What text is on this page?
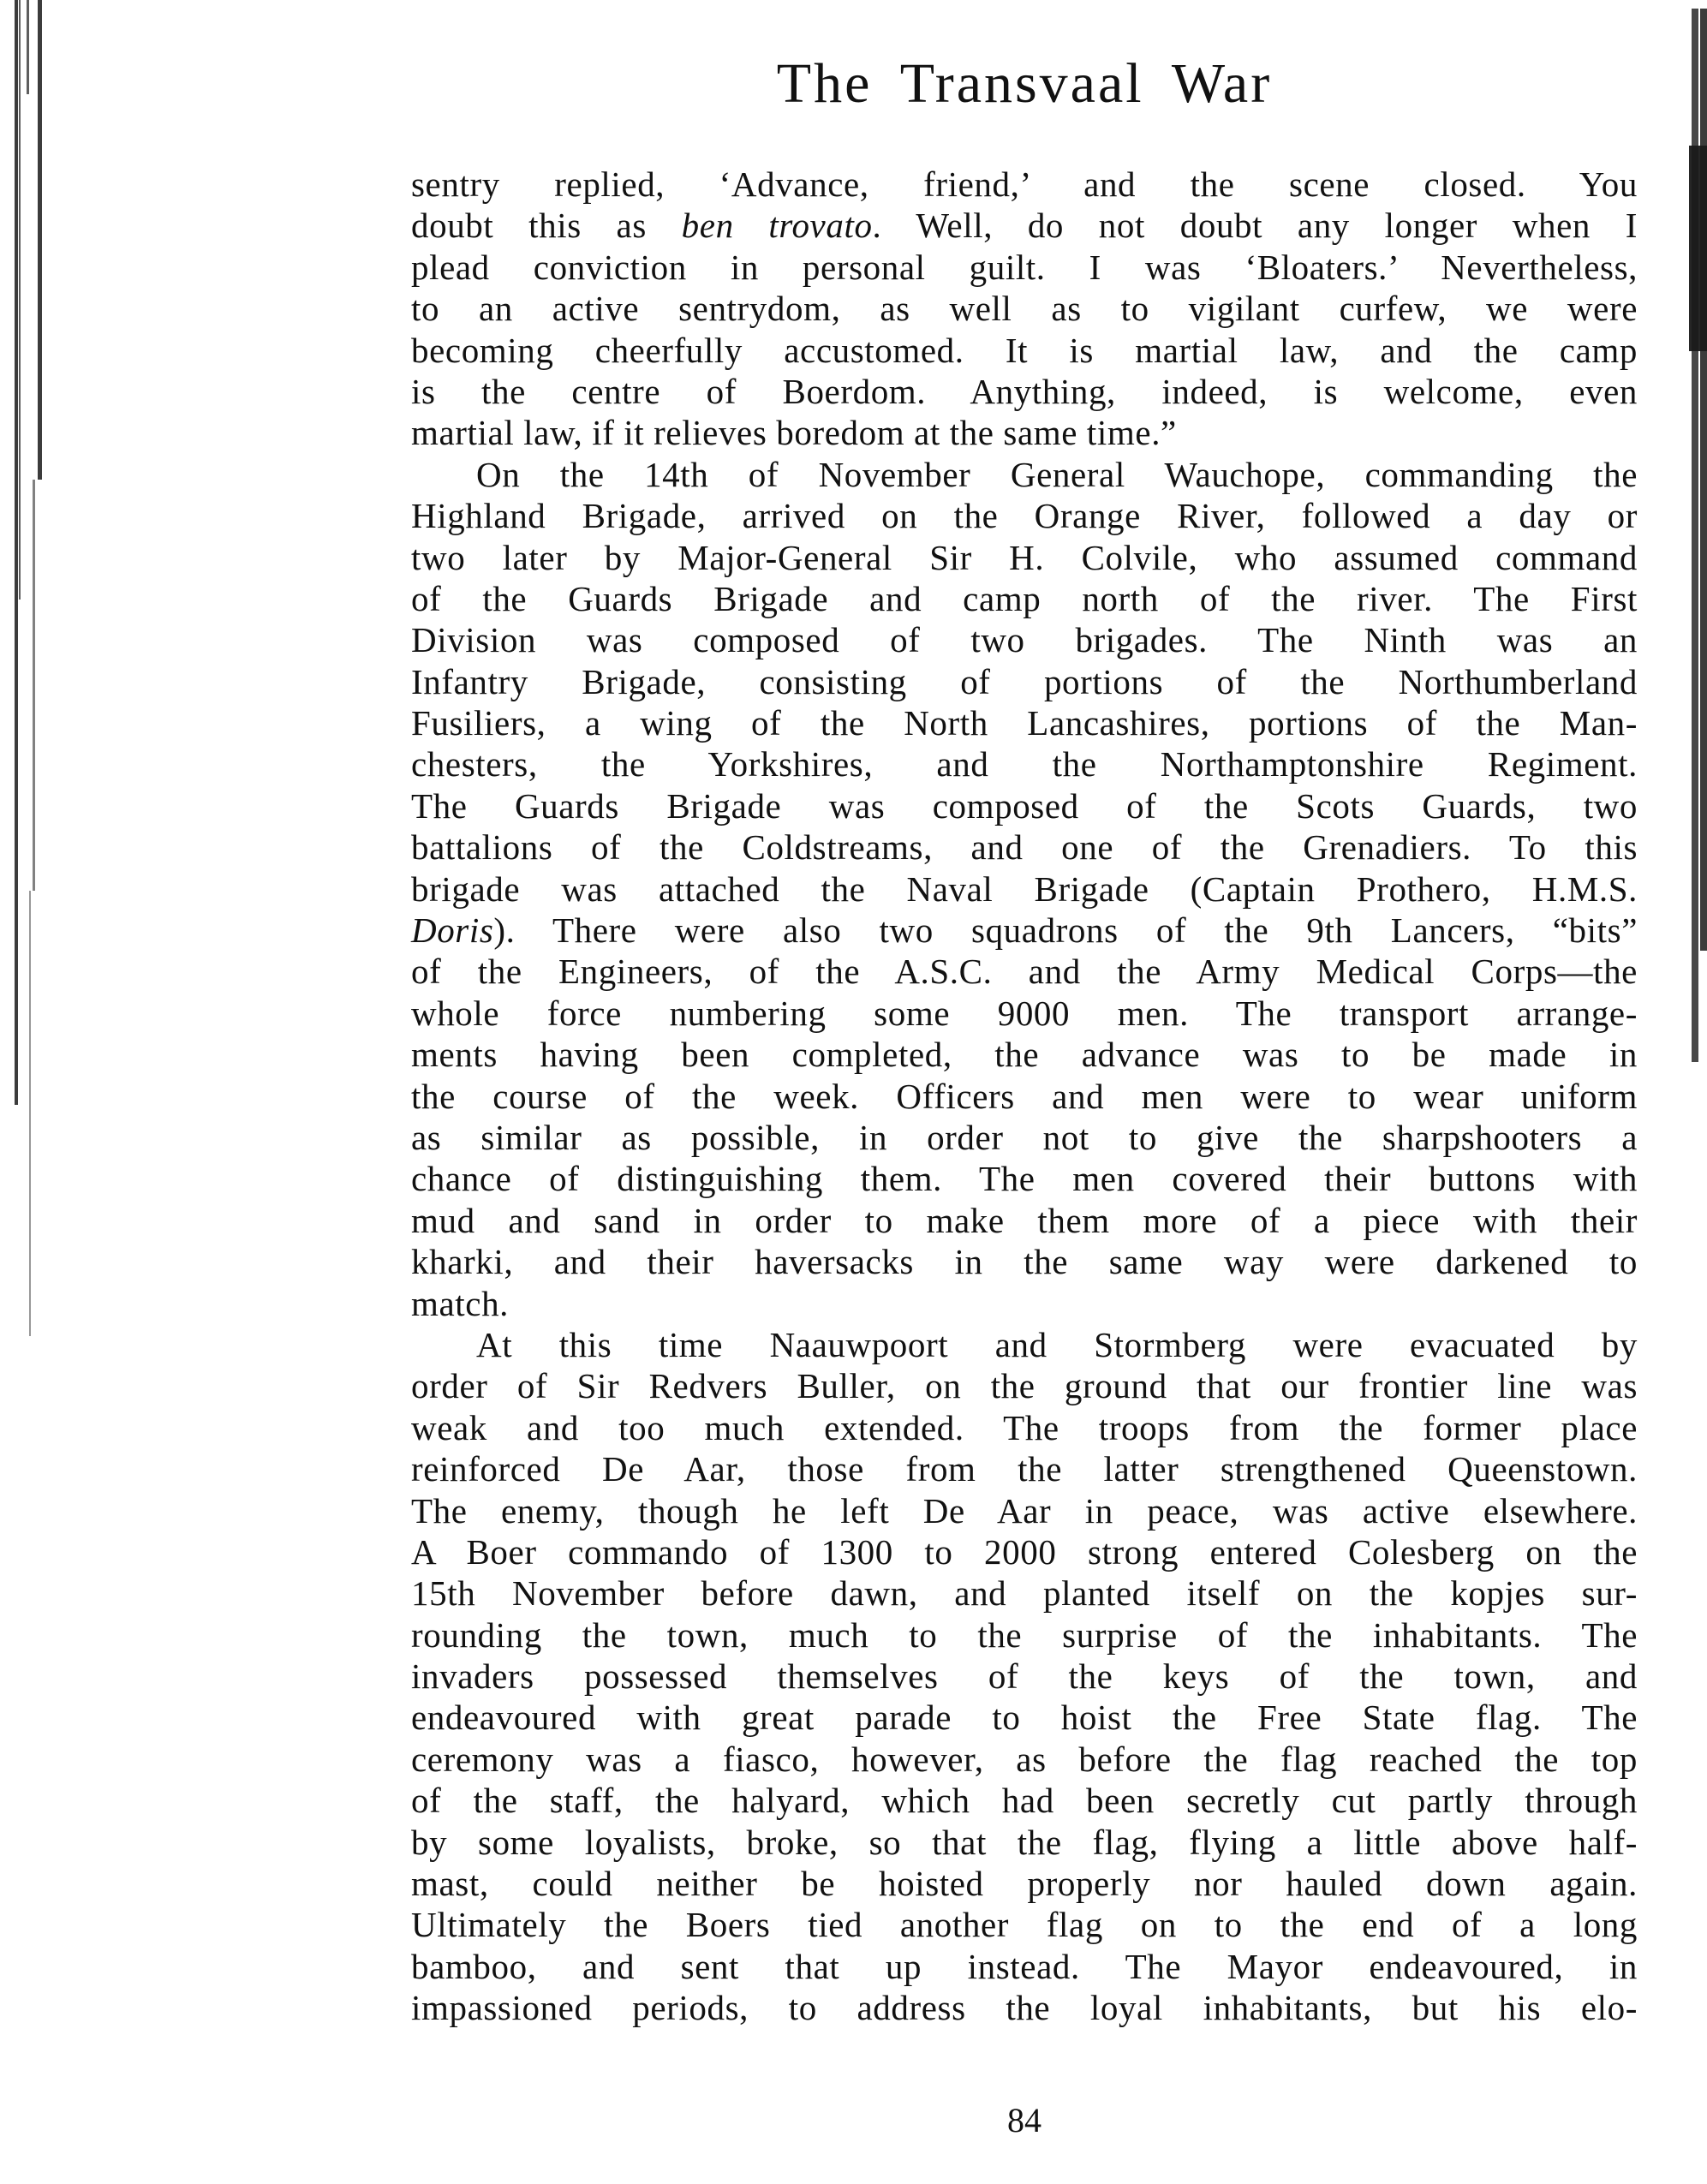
The Transvaal War
sentry replied, ‘Advance, friend,’ and the scene closed. You
doubt this as ben trovato. Well, do not doubt any longer when I
plead conviction in personal guilt. I was ‘Bloaters.’ Nevertheless,
to an active sentrydom, as well as to vigilant curfew, we were
becoming cheerfully accustomed. It is martial law, and the camp
is the centre of Boerdom. Anything, indeed, is welcome, even
martial law, if it relieves boredom at the same time.”
On the 14th of November General Wauchope, commanding the
Highland Brigade, arrived on the Orange River, followed a day or
two later by Major-General Sir H. Colvile, who assumed command
of the Guards Brigade and camp north of the river. The First
Division was composed of two brigades. The Ninth was an
Infantry Brigade, consisting of portions of the Northumberland
Fusiliers, a wing of the North Lancashires, portions of the Man-
chesters, the Yorkshires, and the Northamptonshire Regiment.
The Guards Brigade was composed of the Scots Guards, two
battalions of the Coldstreams, and one of the Grenadiers. To this
brigade was attached the Naval Brigade (Captain Prothero, H.M.S.
Doris). There were also two squadrons of the 9th Lancers, “bits”
of the Engineers, of the A.S.C. and the Army Medical Corps—the
whole force numbering some 9000 men. The transport arrange-
ments having been completed, the advance was to be made in
the course of the week. Officers and men were to wear uniform
as similar as possible, in order not to give the sharpshooters a
chance of distinguishing them. The men covered their buttons with
mud and sand in order to make them more of a piece with their
kharki, and their haversacks in the same way were darkened to
match.
At this time Naauwpoort and Stormberg were evacuated by
order of Sir Redvers Buller, on the ground that our frontier line was
weak and too much extended. The troops from the former place
reinforced De Aar, those from the latter strengthened Queenstown.
The enemy, though he left De Aar in peace, was active elsewhere.
A Boer commando of 1300 to 2000 strong entered Colesberg on the
15th November before dawn, and planted itself on the kopjes sur-
rounding the town, much to the surprise of the inhabitants. The
invaders possessed themselves of the keys of the town, and
endeavoured with great parade to hoist the Free State flag. The
ceremony was a fiasco, however, as before the flag reached the top
of the staff, the halyard, which had been secretly cut partly through
by some loyalists, broke, so that the flag, flying a little above half-
mast, could neither be hoisted properly nor hauled down again.
Ultimately the Boers tied another flag on to the end of a long
bamboo, and sent that up instead. The Mayor endeavoured, in
impassioned periods, to address the loyal inhabitants, but his elo-
84
